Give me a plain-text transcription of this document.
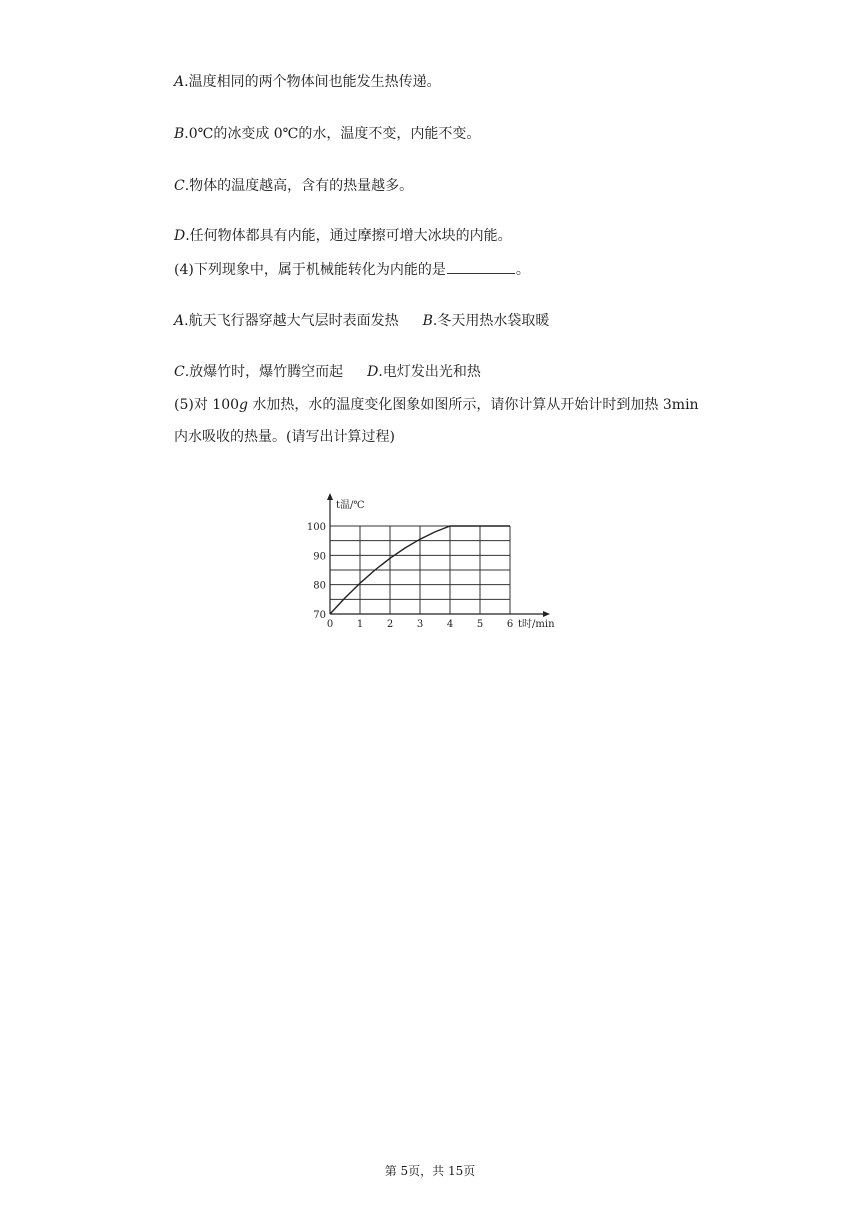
A.温度相同的两个物体间也能发生热传递。
B.0℃的冰变成 0℃的水，温度不变，内能不变。
C.物体的温度越高，含有的热量越多。
D.任何物体都具有内能，通过摩擦可增大冰块的内能。
(4)下列现象中，属于机械能转化为内能的是	。
A.航天飞行器穿越大气层时表面发热 B.冬天用热水袋取暖
C.放爆竹时，爆竹腾空而起 D.电灯发出光和热
(5)对 100g 水加热，水的温度变化图象如图所示，请你计算从开始计时到加热 3min
内水吸收的热量。(请写出计算过程)
0 1 2 3 4 5 6
70
80
90
100
t温/℃
t时/min
第 5页，共 15页
